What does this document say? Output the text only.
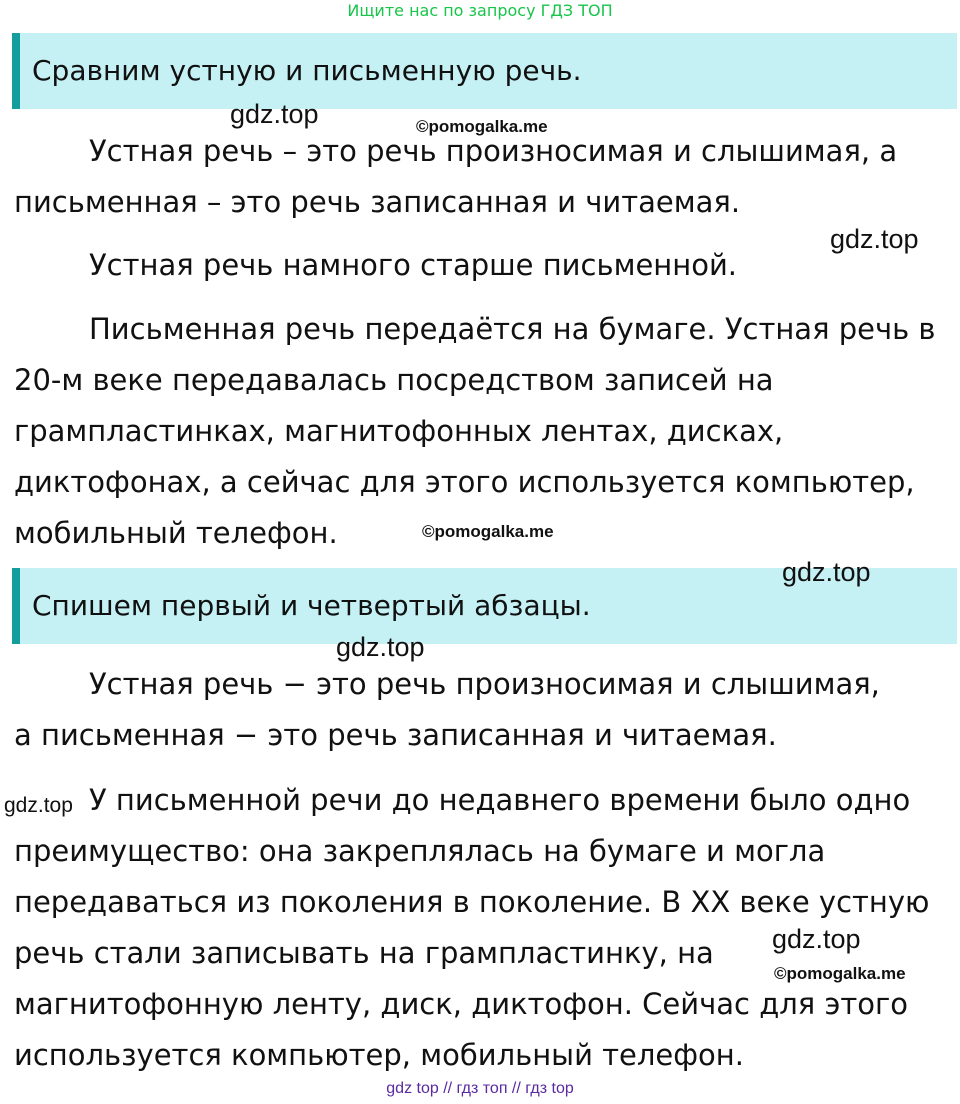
Ищите нас по запросу ГДЗ ТОП
Сравним устную и письменную речь.
Устная речь – это речь произносимая и слышимая, а
письменная – это речь записанная и читаемая.
Устная речь намного старше письменной.
Письменная речь передаётся на бумаге. Устная речь в
20-м веке передавалась посредством записей на
грампластинках, магнитофонных лентах, дисках,
диктофонах, а сейчас для этого используется компьютер,
мобильный телефон.
Спишем первый и четвертый абзацы.
Устная речь − это речь произносимая и слышимая,
а письменная − это речь записанная и читаемая.
У письменной речи до недавнего времени было одно
преимущество: она закреплялась на бумаге и могла
передаваться из поколения в поколение. В XX веке устную
речь стали записывать на грампластинку, на
магнитофонную ленту, диск, диктофон. Сейчас для этого
используется компьютер, мобильный телефон.
gdz.top	©pomogalka.me
gdz.top
©pomogalka.me
gdz.top
gdz.top
gdz.top
gdz.top
©pomogalka.me
gdz top // гдз топ // гдз top
